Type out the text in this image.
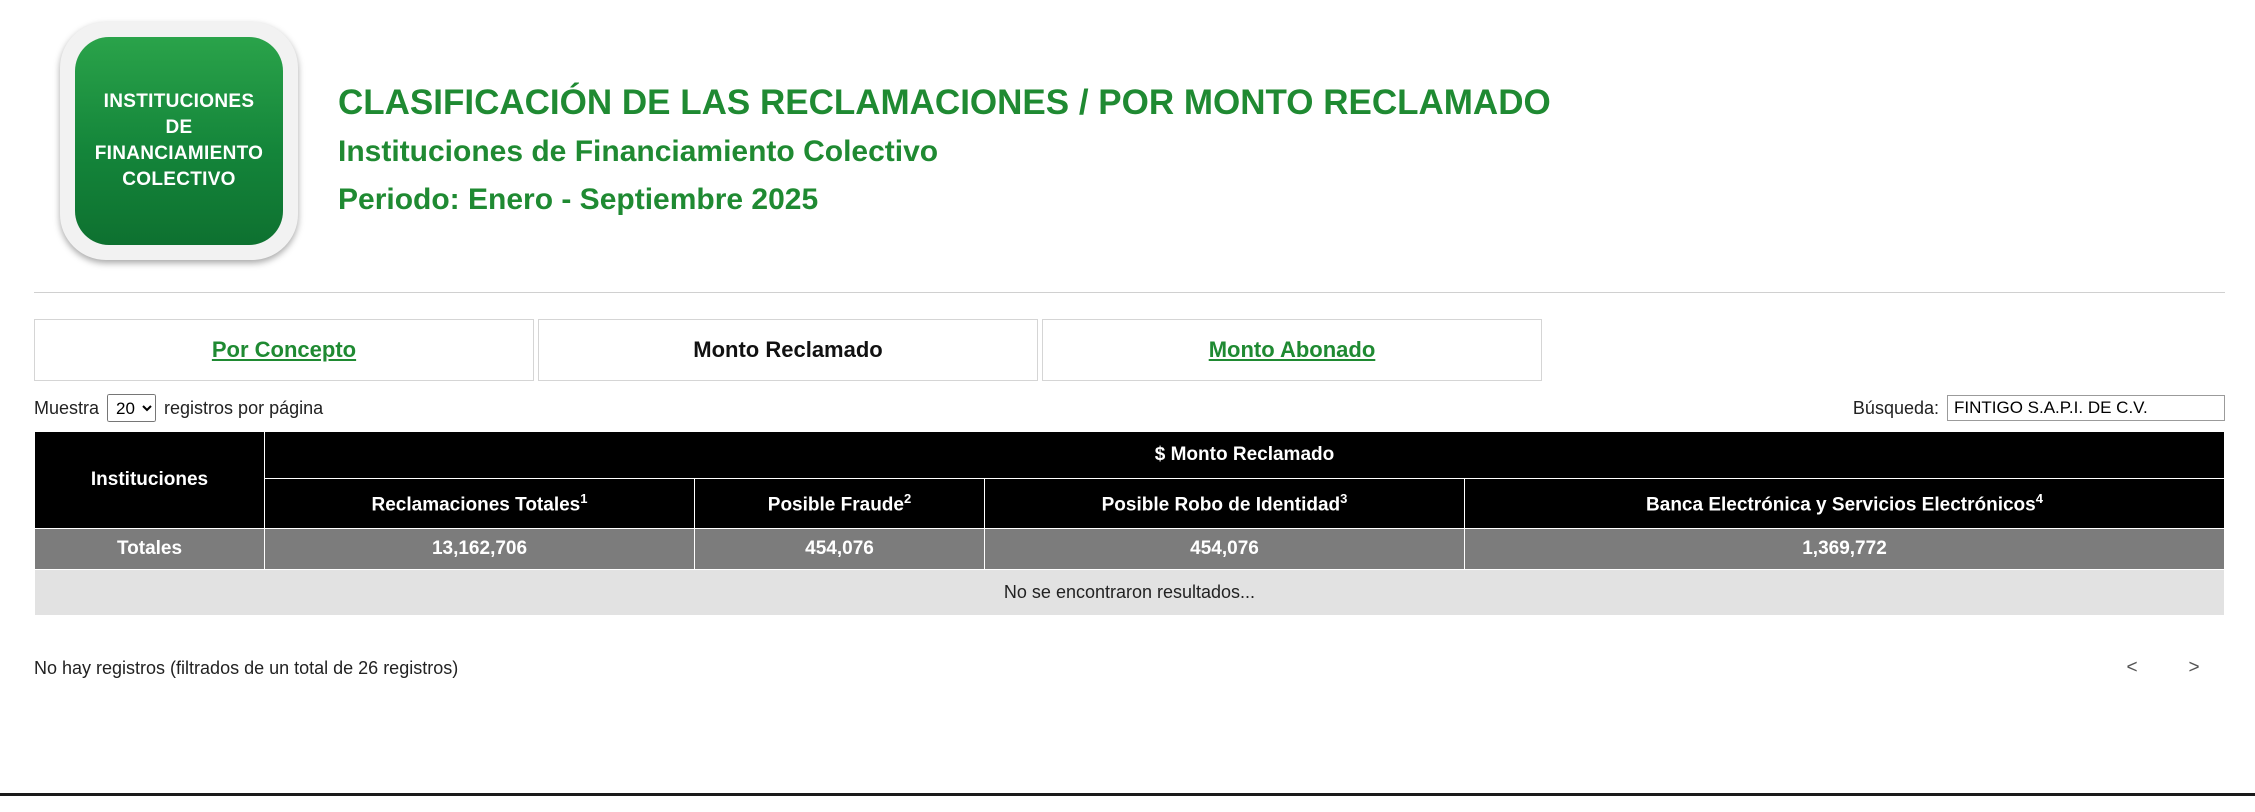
INSTITUCIONES
DE
FINANCIAMIENTO
COLECTIVO
CLASIFICACIÓN DE LAS RECLAMACIONES / POR MONTO RECLAMADO
Instituciones de Financiamiento Colectivo
Periodo: Enero - Septiembre 2025
Por Concepto	Monto Reclamado	Monto Abonado
Muestra
20	registros por página	Búsqueda:
FINTIGO S.A.P.I. DE C.V.
Instituciones	$ Monto Reclamado			
	Reclamaciones Totales$^1$	Posible Fraude$^2$	Posible Robo de Identidad$^3$	Banca Electrónica y Servicios Electrónicos$^4$
Totales	13,162,706	454,076	454,076	1,369,772
No se encontraron resultados...				

No hay registros (filtrados de un total de 26 registros)	<	>
